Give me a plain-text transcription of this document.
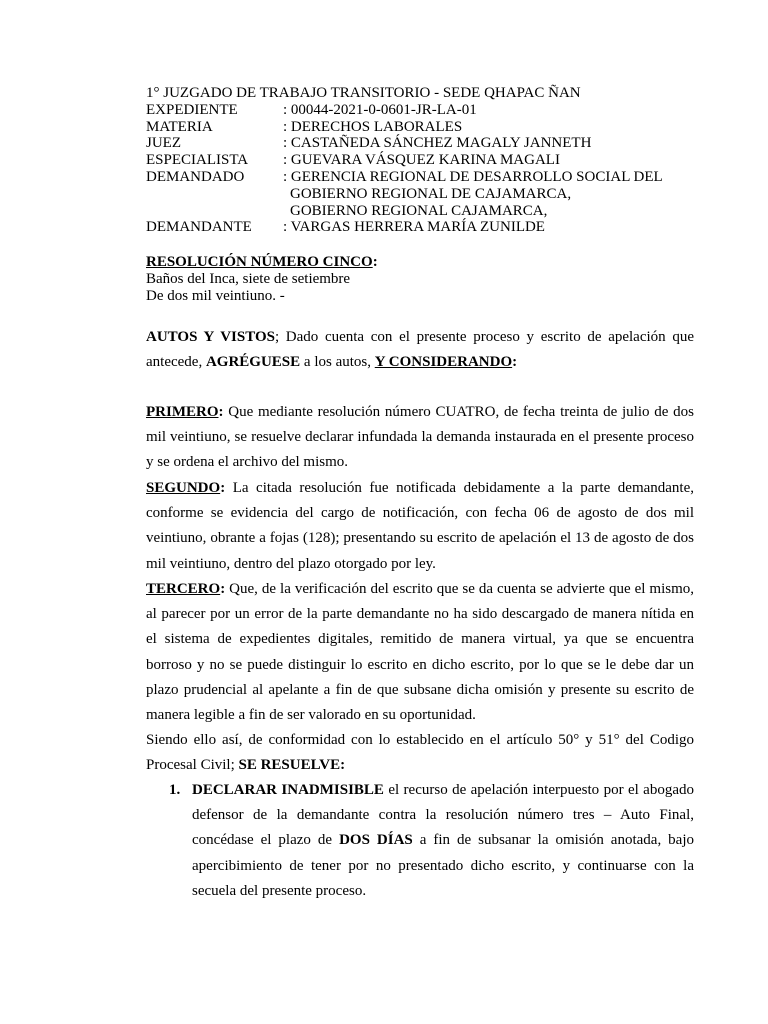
1° JUZGADO DE TRABAJO TRANSITORIO - SEDE QHAPAC ÑAN
EXPEDIENTE	: 00044-2021-0-0601-JR-LA-01
MATERIA	: DERECHOS LABORALES
JUEZ	: CASTAÑEDA SÁNCHEZ MAGALY JANNETH
ESPECIALISTA	: GUEVARA VÁSQUEZ KARINA MAGALI
DEMANDADO	: GERENCIA REGIONAL DE DESARROLLO SOCIAL DEL
GOBIERNO REGIONAL DE CAJAMARCA,
GOBIERNO REGIONAL CAJAMARCA,
DEMANDANTE	: VARGAS HERRERA MARÍA ZUNILDE
RESOLUCIÓN NÚMERO CINCO:
Baños del Inca, siete de setiembre
De dos mil veintiuno. -
AUTOS Y VISTOS; Dado cuenta con el presente proceso y escrito de apelación que antecede, AGRÉGUESE a los autos, Y CONSIDERANDO:
PRIMERO: Que mediante resolución número CUATRO, de fecha treinta de julio de dos mil veintiuno, se resuelve declarar infundada la demanda instaurada en el presente proceso y se ordena el archivo del mismo.
SEGUNDO: La citada resolución fue notificada debidamente a la parte demandante, conforme se evidencia del cargo de notificación, con fecha 06 de agosto de dos mil veintiuno, obrante a fojas (128); presentando su escrito de apelación el 13 de agosto de dos mil veintiuno, dentro del plazo otorgado por ley.
TERCERO: Que, de la verificación del escrito que se da cuenta se advierte que el mismo, al parecer por un error de la parte demandante no ha sido descargado de manera nítida en el sistema de expedientes digitales, remitido de manera virtual, ya que se encuentra borroso y no se puede distinguir lo escrito en dicho escrito, por lo que se le debe dar un plazo prudencial al apelante a fin de que subsane dicha omisión y presente su escrito de manera legible a fin de ser valorado en su oportunidad.
Siendo ello así, de conformidad con lo establecido en el artículo 50° y 51° del Codigo Procesal Civil; SE RESUELVE:
1. DECLARAR INADMISIBLE el recurso de apelación interpuesto por el abogado defensor de la demandante contra la resolución número tres – Auto Final, concédase el plazo de DOS DÍAS a fin de subsanar la omisión anotada, bajo apercibimiento de tener por no presentado dicho escrito, y continuarse con la secuela del presente proceso.
